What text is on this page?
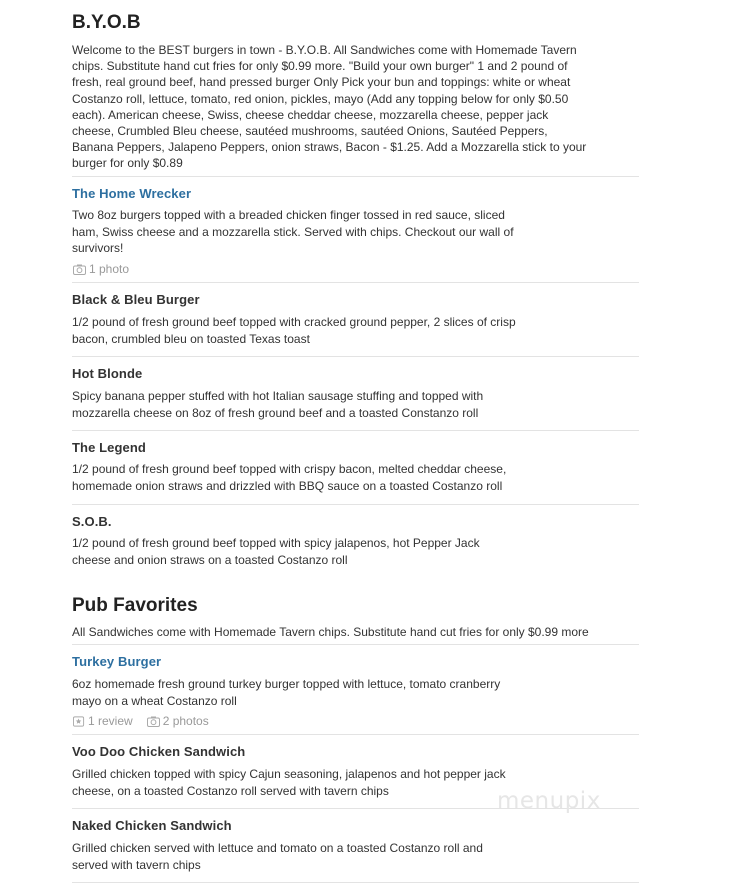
B.Y.O.B
Welcome to the BEST burgers in town - B.Y.O.B. All Sandwiches come with Homemade Tavern
chips. Substitute hand cut fries for only $0.99 more. "Build your own burger" 1 and 2 pound of
fresh, real ground beef, hand pressed burger Only Pick your bun and toppings: white or wheat
Costanzo roll, lettuce, tomato, red onion, pickles, mayo (Add any topping below for only $0.50
each). American cheese, Swiss, cheese cheddar cheese, mozzarella cheese, pepper jack
cheese, Crumbled Bleu cheese, sautéed mushrooms, sautéed Onions, Sautéed Peppers,
Banana Peppers, Jalapeno Peppers, onion straws, Bacon - $1.25. Add a Mozzarella stick to your
burger for only $0.89
The Home Wrecker
Two 8oz burgers topped with a breaded chicken finger tossed in red sauce, sliced
ham, Swiss cheese and a mozzarella stick. Served with chips. Checkout our wall of
survivors!
1 photo
Black & Bleu Burger
1/2 pound of fresh ground beef topped with cracked ground pepper, 2 slices of crisp
bacon, crumbled bleu on toasted Texas toast
Hot Blonde
Spicy banana pepper stuffed with hot Italian sausage stuffing and topped with
mozzarella cheese on 8oz of fresh ground beef and a toasted Constanzo roll
The Legend
1/2 pound of fresh ground beef topped with crispy bacon, melted cheddar cheese,
homemade onion straws and drizzled with BBQ sauce on a toasted Costanzo roll
S.O.B.
1/2 pound of fresh ground beef topped with spicy jalapenos, hot Pepper Jack
cheese and onion straws on a toasted Costanzo roll
Pub Favorites
All Sandwiches come with Homemade Tavern chips. Substitute hand cut fries for only $0.99 more
Turkey Burger
6oz homemade fresh ground turkey burger topped with lettuce, tomato cranberry
mayo on a wheat Costanzo roll
1 review	2 photos
Voo Doo Chicken Sandwich
Grilled chicken topped with spicy Cajun seasoning, jalapenos and hot pepper jack
cheese, on a toasted Costanzo roll served with tavern chips
Naked Chicken Sandwich
Grilled chicken served with lettuce and tomato on a toasted Costanzo roll and
served with tavern chips
menupix
